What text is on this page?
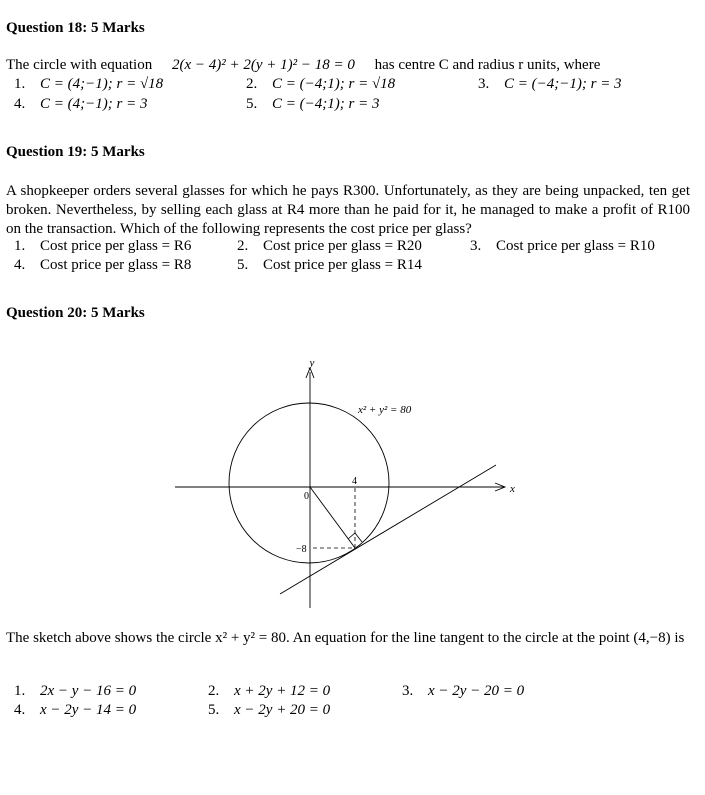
Question 18: 5 Marks
The circle with equation 2(x − 4)² + 2(y + 1)² − 18 = 0 has centre C and radius r units, where
1. C = (4;−1); r = √18	2. C = (−4;1); r = √18	3. C = (−4;−1); r = 3
4. C = (4;−1); r = 3	5. C = (−4;1); r = 3
Question 19: 5 Marks
A shopkeeper orders several glasses for which he pays R300. Unfortunately, as they are being unpacked, ten get broken. Nevertheless, by selling each glass at R4 more than he paid for it, he managed to make a profit of R100 on the transaction. Which of the following represents the cost price per glass?
1. Cost price per glass = R6	2. Cost price per glass = R20	3. Cost price per glass = R10
4. Cost price per glass = R8	5. Cost price per glass = R14
Question 20: 5 Marks
y
x
0
4
−8
x² + y² = 80
The sketch above shows the circle x² + y² = 80. An equation for the line tangent to the circle at the point (4,−8) is
1. 2x − y − 16 = 0	2. x + 2y + 12 = 0	3. x − 2y − 20 = 0
4. x − 2y − 14 = 0	5. x − 2y + 20 = 0
